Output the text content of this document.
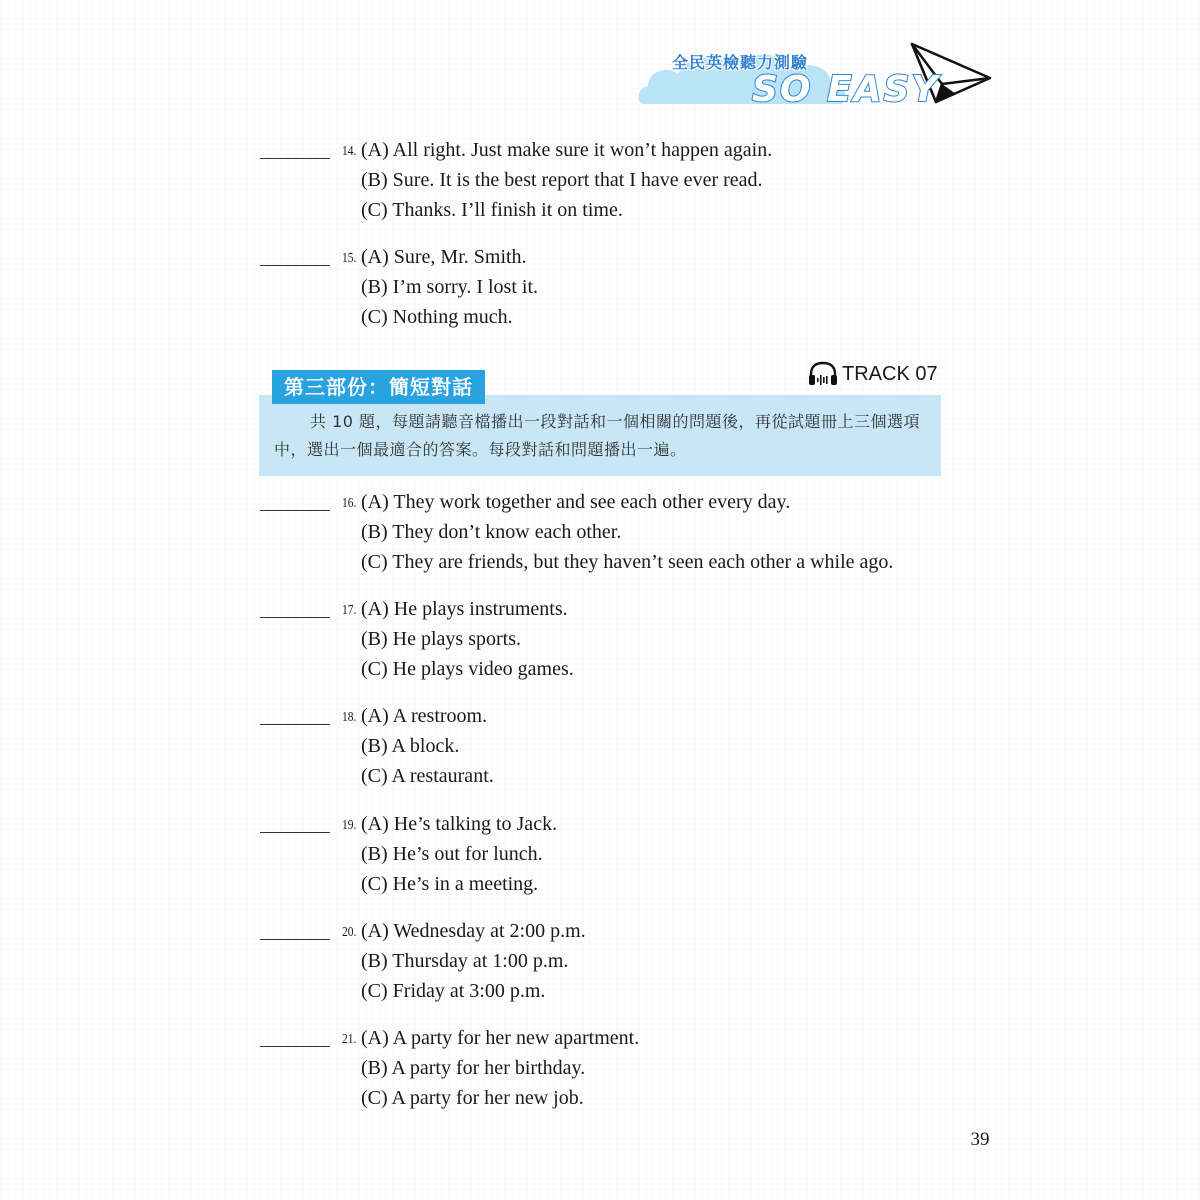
全民英檢聽力測驗
SO EASY
14. (A) All right. Just make sure it won’t happen again.
(B) Sure. It is the best report that I have ever read.
(C) Thanks. I’ll finish it on time.
15. (A) Sure, Mr. Smith.
(B) I’m sorry. I lost it.
(C) Nothing much.
第三部份：簡短對話
共 10 題，每題請聽音檔播出一段對話和一個相關的問題後，再從試題冊上三個選項中，選出一個最適合的答案。每段對話和問題播出一遍。
TRACK 07
16. (A) They work together and see each other every day.
(B) They don’t know each other.
(C) They are friends, but they haven’t seen each other a while ago.
17. (A) He plays instruments.
(B) He plays sports.
(C) He plays video games.
18. (A) A restroom.
(B) A block.
(C) A restaurant.
19. (A) He’s talking to Jack.
(B) He’s out for lunch.
(C) He’s in a meeting.
20. (A) Wednesday at 2:00 p.m.
(B) Thursday at 1:00 p.m.
(C) Friday at 3:00 p.m.
21. (A) A party for her new apartment.
(B) A party for her birthday.
(C) A party for her new job.
39
